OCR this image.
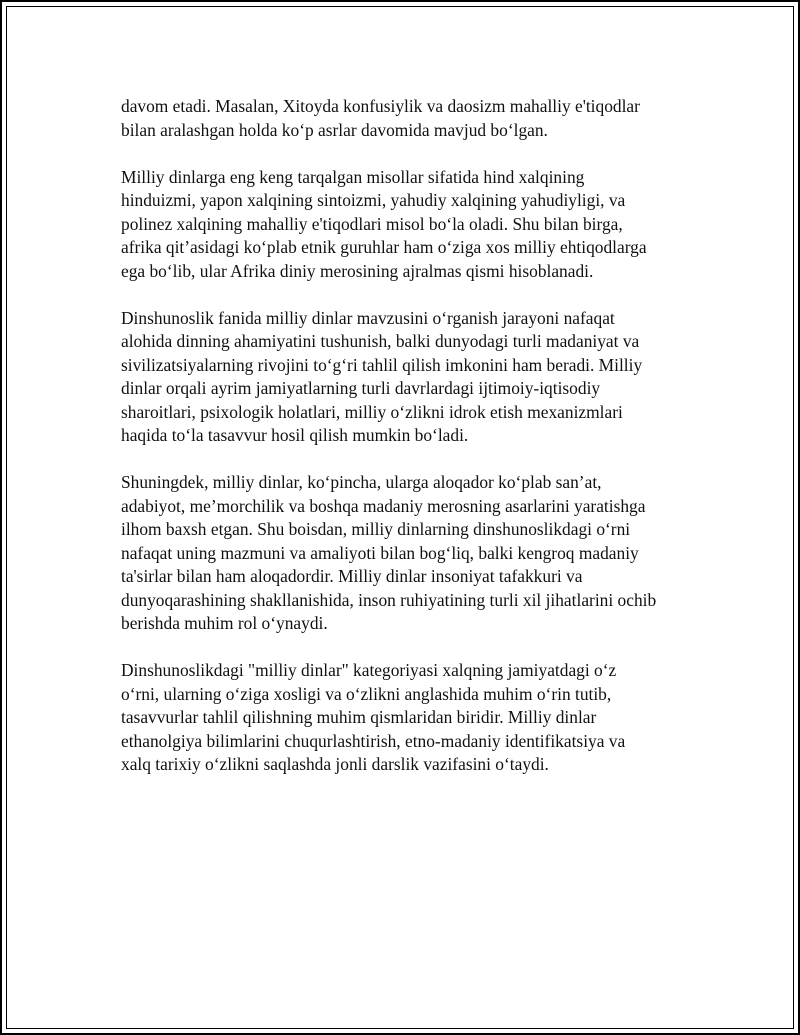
davom etadi. Masalan, Xitoyda konfusiylik va daosizm mahalliy e'tiqodlar
bilan aralashgan holda koʻp asrlar davomida mavjud boʻlgan.

Milliy dinlarga eng keng tarqalgan misollar sifatida hind xalqining
hinduizmi, yapon xalqining sintoizmi, yahudiy xalqining yahudiyligi, va
polinez xalqining mahalliy e'tiqodlari misol boʻla oladi. Shu bilan birga,
afrika qit’asidagi koʻplab etnik guruhlar ham oʻziga xos milliy ehtiqodlarga
ega boʻlib, ular Afrika diniy merosining ajralmas qismi hisoblanadi.

Dinshunoslik fanida milliy dinlar mavzusini oʻrganish jarayoni nafaqat
alohida dinning ahamiyatini tushunish, balki dunyodagi turli madaniyat va
sivilizatsiyalarning rivojini toʻgʻri tahlil qilish imkonini ham beradi. Milliy
dinlar orqali ayrim jamiyatlarning turli davrlardagi ijtimoiy-iqtisodiy
sharoitlari, psixologik holatlari, milliy oʻzlikni idrok etish mexanizmlari
haqida toʻla tasavvur hosil qilish mumkin boʻladi.

Shuningdek, milliy dinlar, koʻpincha, ularga aloqador koʻplab san’at,
adabiyot, me’morchilik va boshqa madaniy merosning asarlarini yaratishga
ilhom baxsh etgan. Shu boisdan, milliy dinlarning dinshunoslikdagi oʻrni
nafaqat uning mazmuni va amaliyoti bilan bogʻliq, balki kengroq madaniy
ta'sirlar bilan ham aloqadordir. Milliy dinlar insoniyat tafakkuri va
dunyoqarashining shakllanishida, inson ruhiyatining turli xil jihatlarini ochib
berishda muhim rol oʻynaydi.

Dinshunoslikdagi "milliy dinlar" kategoriyasi xalqning jamiyatdagi oʻz
oʻrni, ularning oʻziga xosligi va oʻzlikni anglashida muhim oʻrin tutib,
tasavvurlar tahlil qilishning muhim qismlaridan biridir. Milliy dinlar
ethanolgiya bilimlarini chuqurlashtirish, etno-madaniy identifikatsiya va
xalq tarixiy oʻzlikni saqlashda jonli darslik vazifasini oʻtaydi.
